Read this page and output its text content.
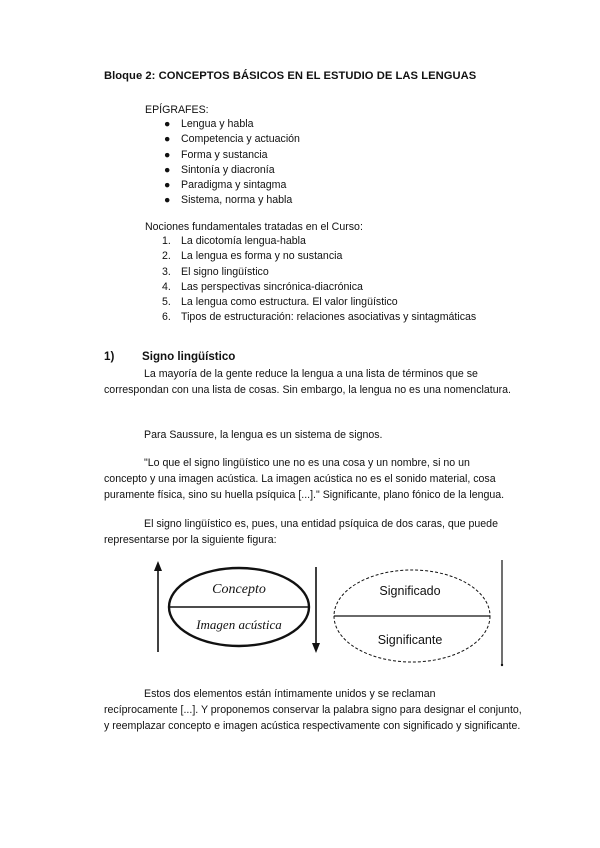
Bloque 2: CONCEPTOS BÁSICOS EN EL ESTUDIO DE LAS LENGUAS
EPÍGRAFES:
● Lengua y habla
● Competencia y actuación
● Forma y sustancia
● Sintonía y diacronía
● Paradigma y sintagma
● Sistema, norma y habla
Nociones fundamentales tratadas en el Curso:
1. La dicotomía lengua-habla
2. La lengua es forma y no sustancia
3. El signo lingüístico
4. Las perspectivas sincrónica-diacrónica
5. La lengua como estructura. El valor lingüístico
6. Tipos de estructuración: relaciones asociativas y sintagmáticas
1) Signo lingüístico

La mayoría de la gente reduce la lengua a una lista de términos que se

correspondan con una lista de cosas. Sin embargo, la lengua no es una nomenclatura.

Para Saussure, la lengua es un sistema de signos.

"Lo que el signo lingüístico une no es una cosa y un nombre, si no un

concepto y una imagen acústica. La imagen acústica no es el sonido material, cosa puramente física, sino su huella psíquica [...]." Significante, plano fónico de la lengua.

El signo lingüístico es, pues, una entidad psíquica de dos caras, que puede

representarse por la siguiente figura:

Concepto
Imagen acústica
Significado
Significante

Estos dos elementos están íntimamente unidos y se reclaman

recíprocamente [...]. Y proponemos conservar la palabra signo para designar el conjunto, y reemplazar concepto e imagen acústica respectivamente con significado y significante.
